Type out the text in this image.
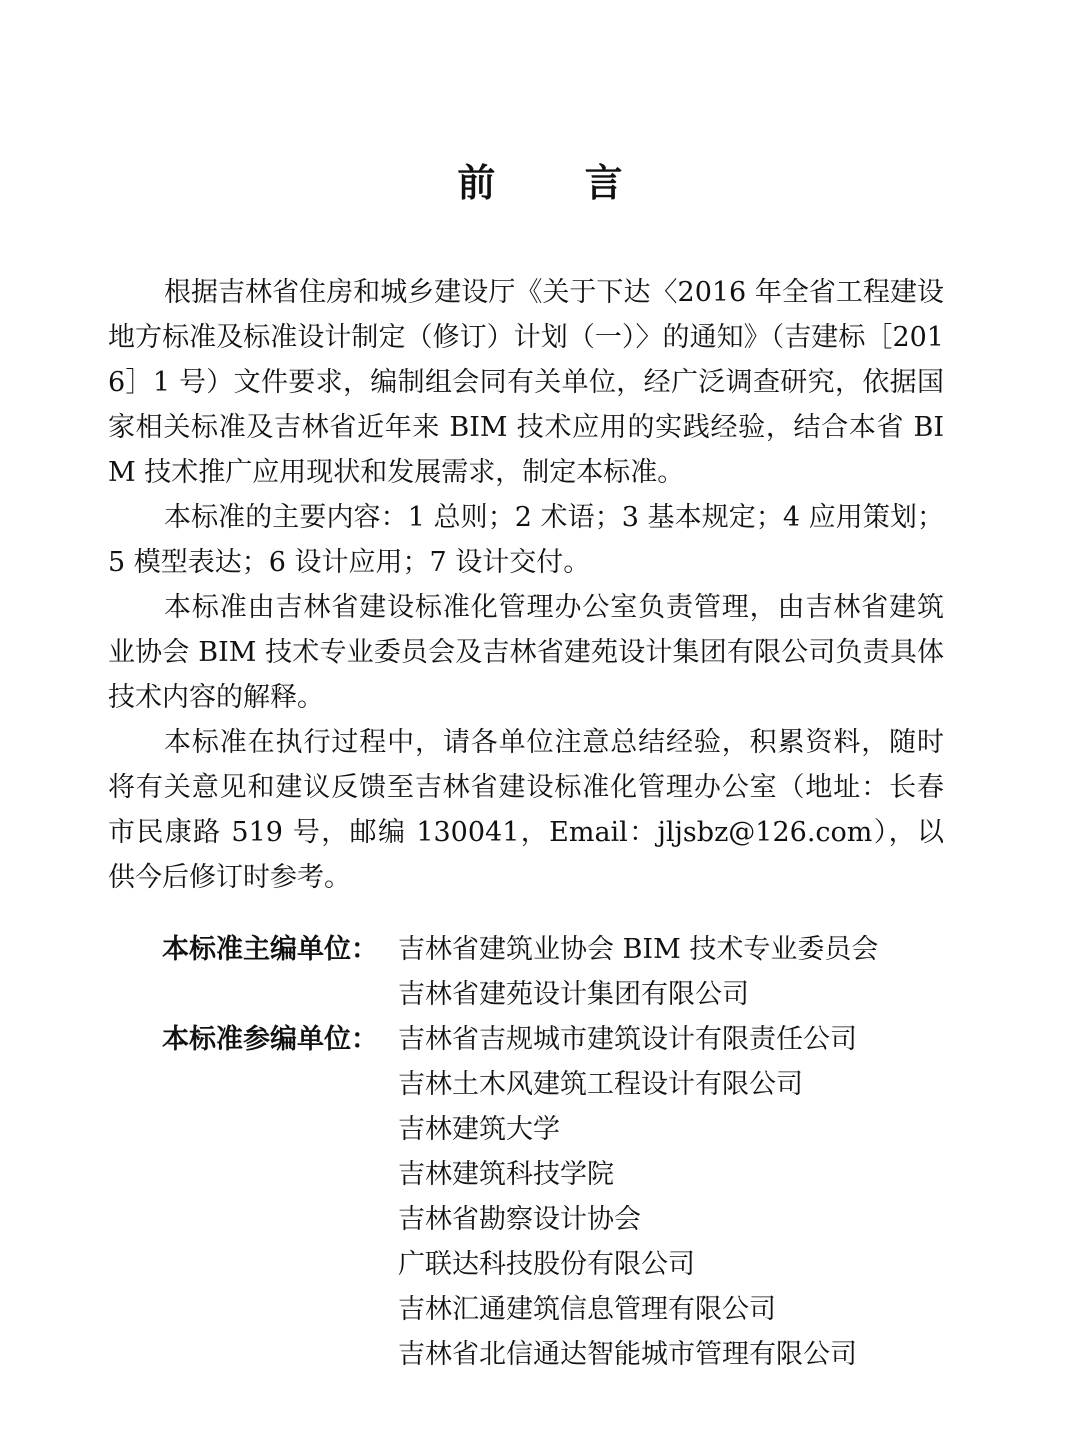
前 言

根据吉林省住房和城乡建设厅《关于下达〈2016 年全省工程建设地方标准及标准设计制定（修订）计划（一）〉的通知》（吉建标［2016］1 号）文件要求，编制组会同有关单位，经广泛调查研究，依据国家相关标准及吉林省近年来 BIM 技术应用的实践经验，结合本省 BIM 技术推广应用现状和发展需求，制定本标准。

本标准的主要内容：1 总则；2 术语；3 基本规定；4 应用策划；5 模型表达；6 设计应用；7 设计交付。

本标准由吉林省建设标准化管理办公室负责管理，由吉林省建筑业协会 BIM 技术专业委员会及吉林省建苑设计集团有限公司负责具体技术内容的解释。

本标准在执行过程中，请各单位注意总结经验，积累资料，随时将有关意见和建议反馈至吉林省建设标准化管理办公室（地址：长春市民康路 519 号，邮编 130041，Email：jljsbz@126.com），以供今后修订时参考。

本标准主编单位： 吉林省建筑业协会 BIM 技术专业委员会
吉林省建苑设计集团有限公司
本标准参编单位： 吉林省吉规城市建筑设计有限责任公司
吉林土木风建筑工程设计有限公司
吉林建筑大学
吉林建筑科技学院
吉林省勘察设计协会
广联达科技股份有限公司
吉林汇通建筑信息管理有限公司
吉林省北信通达智能城市管理有限公司
